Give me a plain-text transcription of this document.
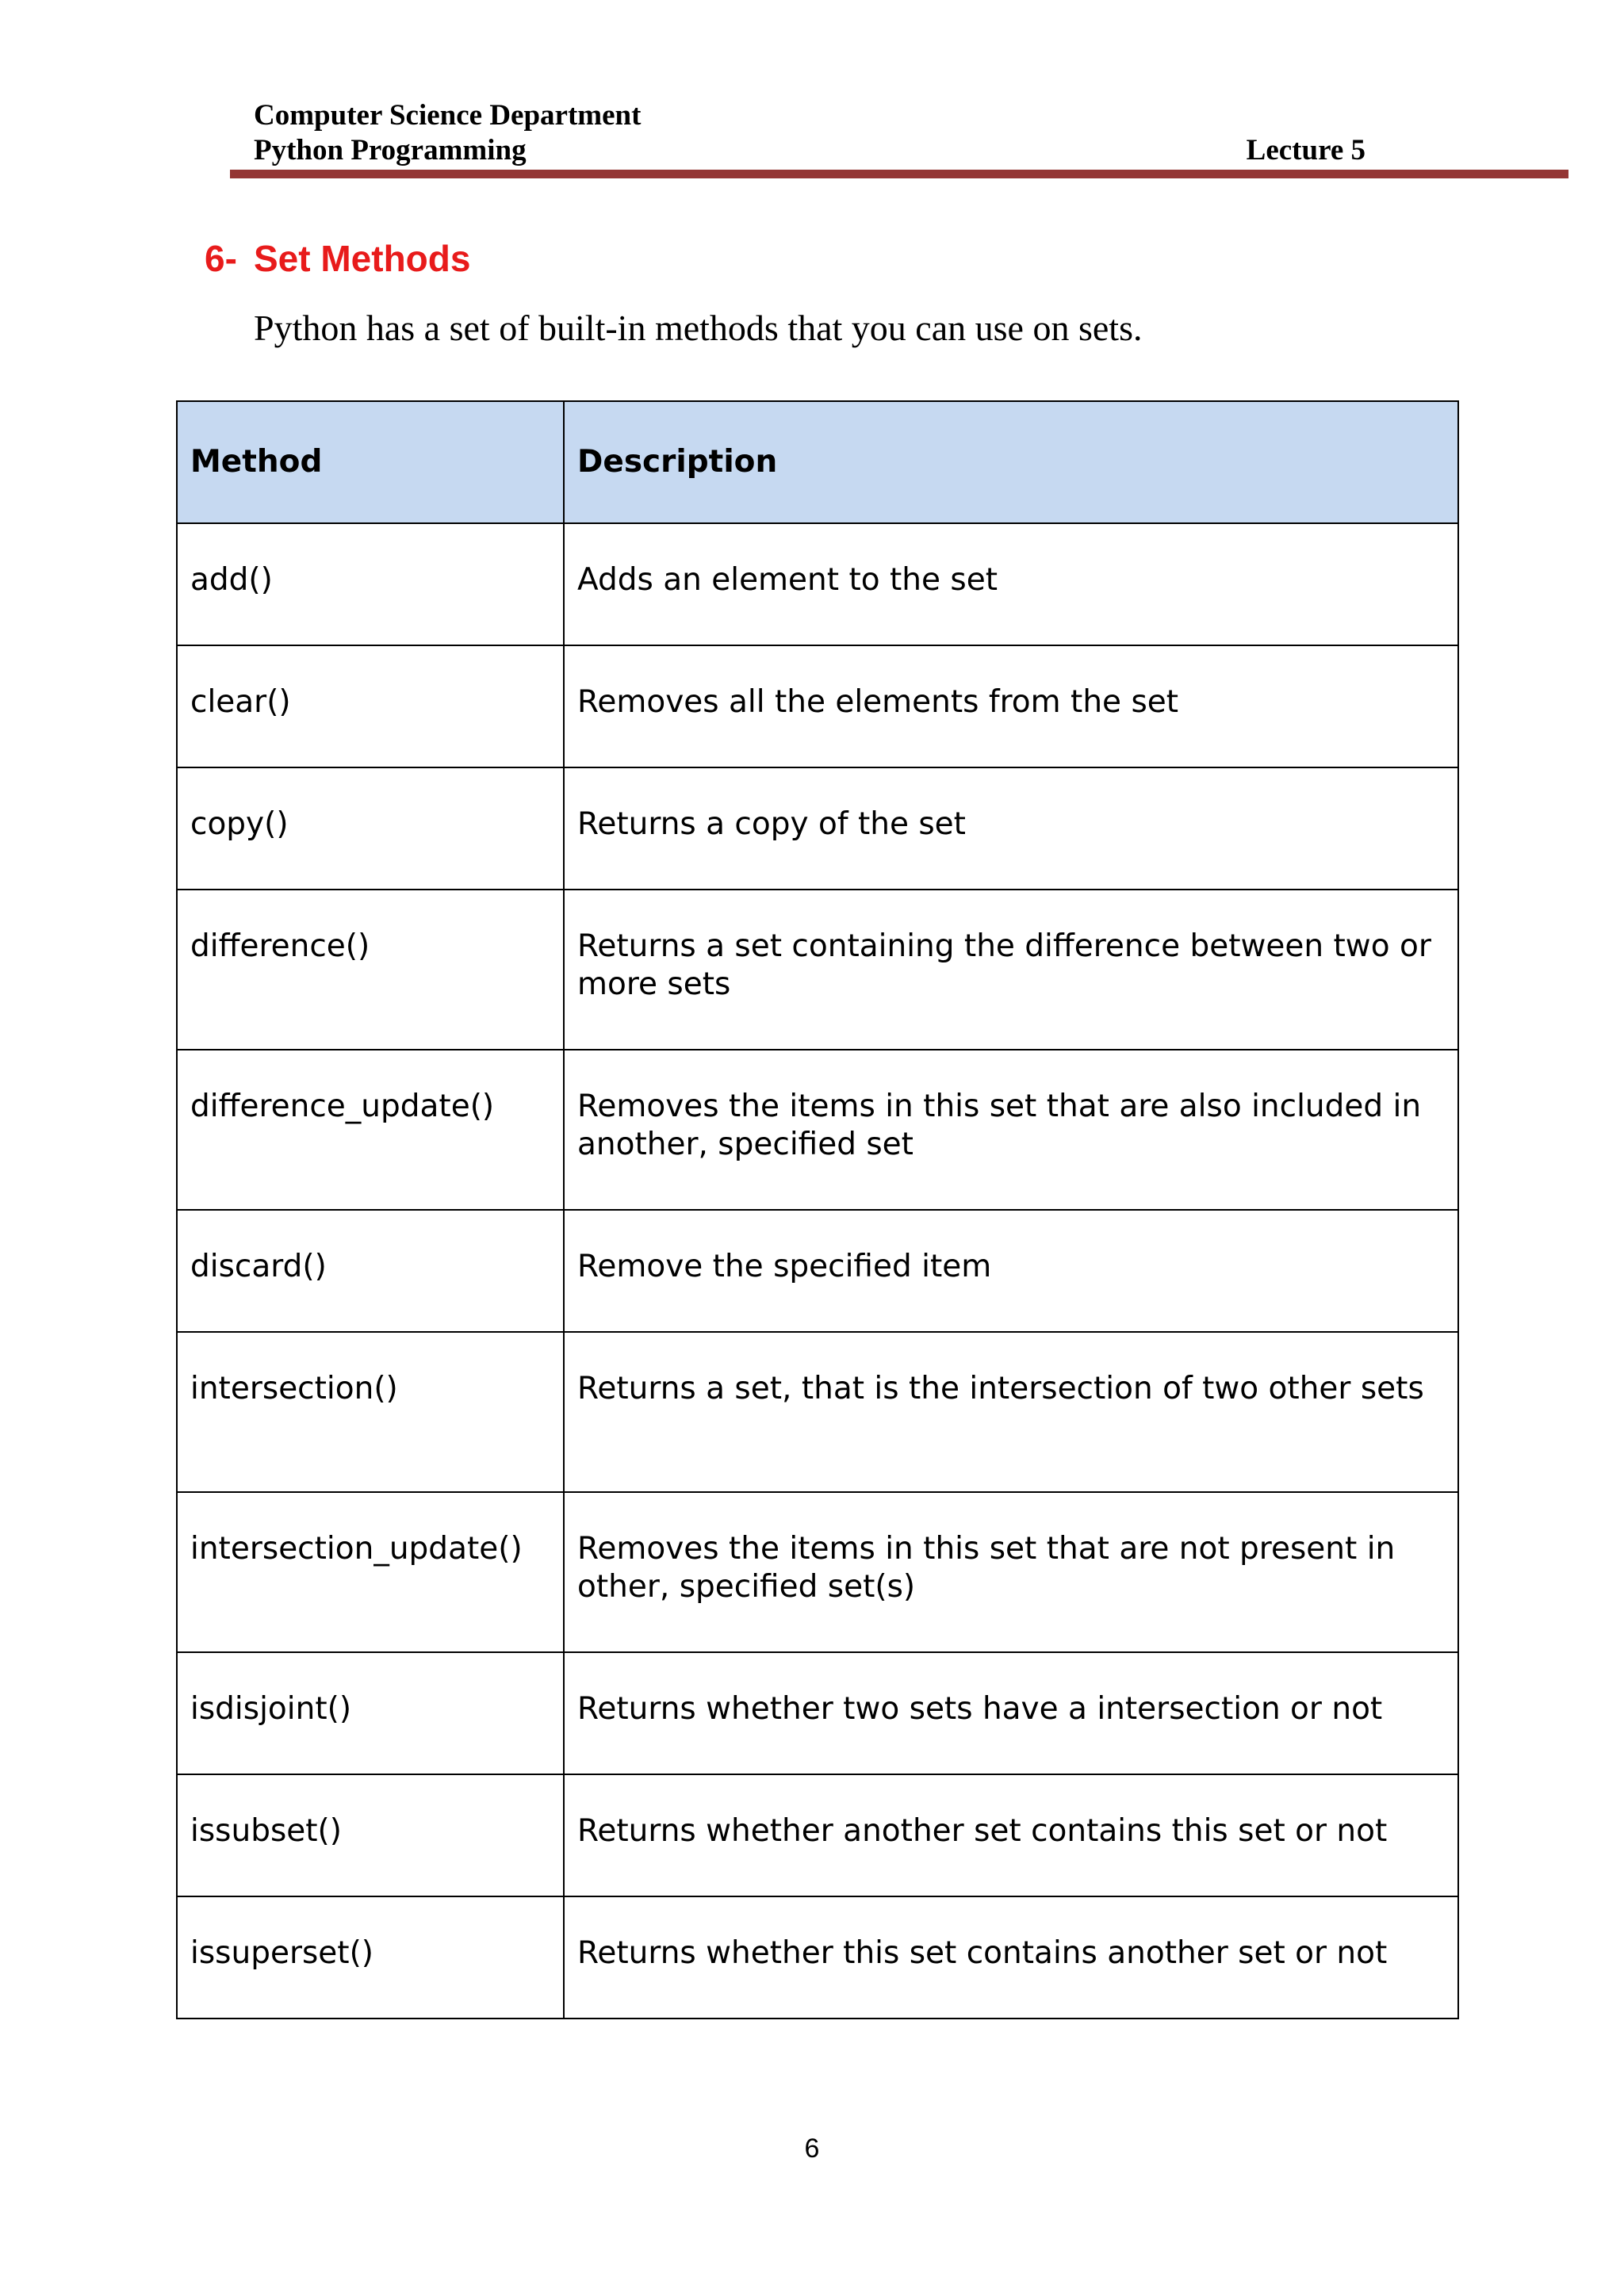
Computer Science Department
Python Programming	Lecture 5
6- Set Methods
Python has a set of built-in methods that you can use on sets.
Method	Description
add()	Adds an element to the set
clear()	Removes all the elements from the set
copy()	Returns a copy of the set
difference()	Returns a set containing the difference between two or more sets
difference_update()	Removes the items in this set that are also included in another, specified set
discard()	Remove the specified item
intersection()	Returns a set, that is the intersection of two other sets
intersection_update()	Removes the items in this set that are not present in other, specified set(s)
isdisjoint()	Returns whether two sets have a intersection or not
issubset()	Returns whether another set contains this set or not
issuperset()	Returns whether this set contains another set or not
6
